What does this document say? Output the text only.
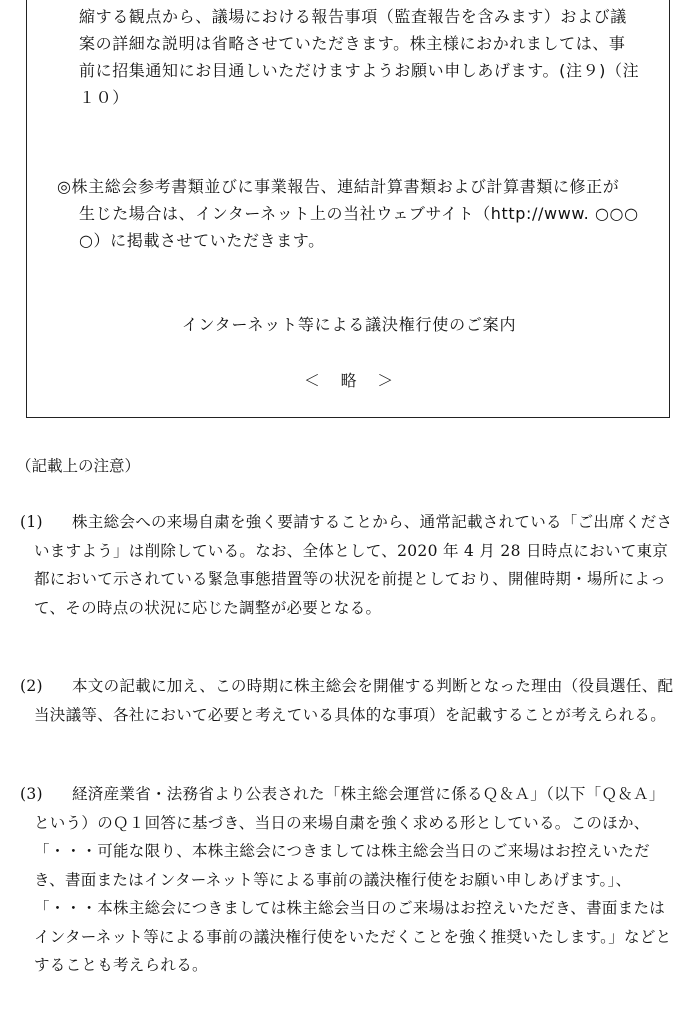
縮する観点から、議場における報告事項（監査報告を含みます）および議
案の詳細な説明は省略させていただきます。株主様におかれましては、事
前に招集通知にお目通しいただけますようお願い申しあげます。(注９)（注
１０）
◎株主総会参考書類並びに事業報告、連結計算書類および計算書類に修正が
生じた場合は、インターネット上の当社ウェブサイト（http://www. ○○○
○）に掲載させていただきます。
インターネット等による議決権行使のご案内
＜ 略 ＞
（記載上の注意）
(1)	株主総会への来場自粛を強く要請することから、通常記載されている「ご出席くださいますよう」は削除している。なお、全体として、2020 年 4 月 28 日時点において東京都において示されている緊急事態措置等の状況を前提としており、開催時期・場所によって、その時点の状況に応じた調整が必要となる。
(2)	本文の記載に加え、この時期に株主総会を開催する判断となった理由（役員選任、配当決議等、各社において必要と考えている具体的な事項）を記載することが考えられる。
(3)	経済産業省・法務省より公表された「株主総会運営に係るＱ＆Ａ」（以下「Ｑ＆Ａ」という）のＱ１回答に基づき、当日の来場自粛を強く求める形としている。このほか、「・・・可能な限り、本株主総会につきましては株主総会当日のご来場はお控えいただき、書面またはインターネット等による事前の議決権行使をお願い申しあげます。」、「・・・本株主総会につきましては株主総会当日のご来場はお控えいただき、書面またはインターネット等による事前の議決権行使をいただくことを強く推奨いたします。」などとすることも考えられる。
